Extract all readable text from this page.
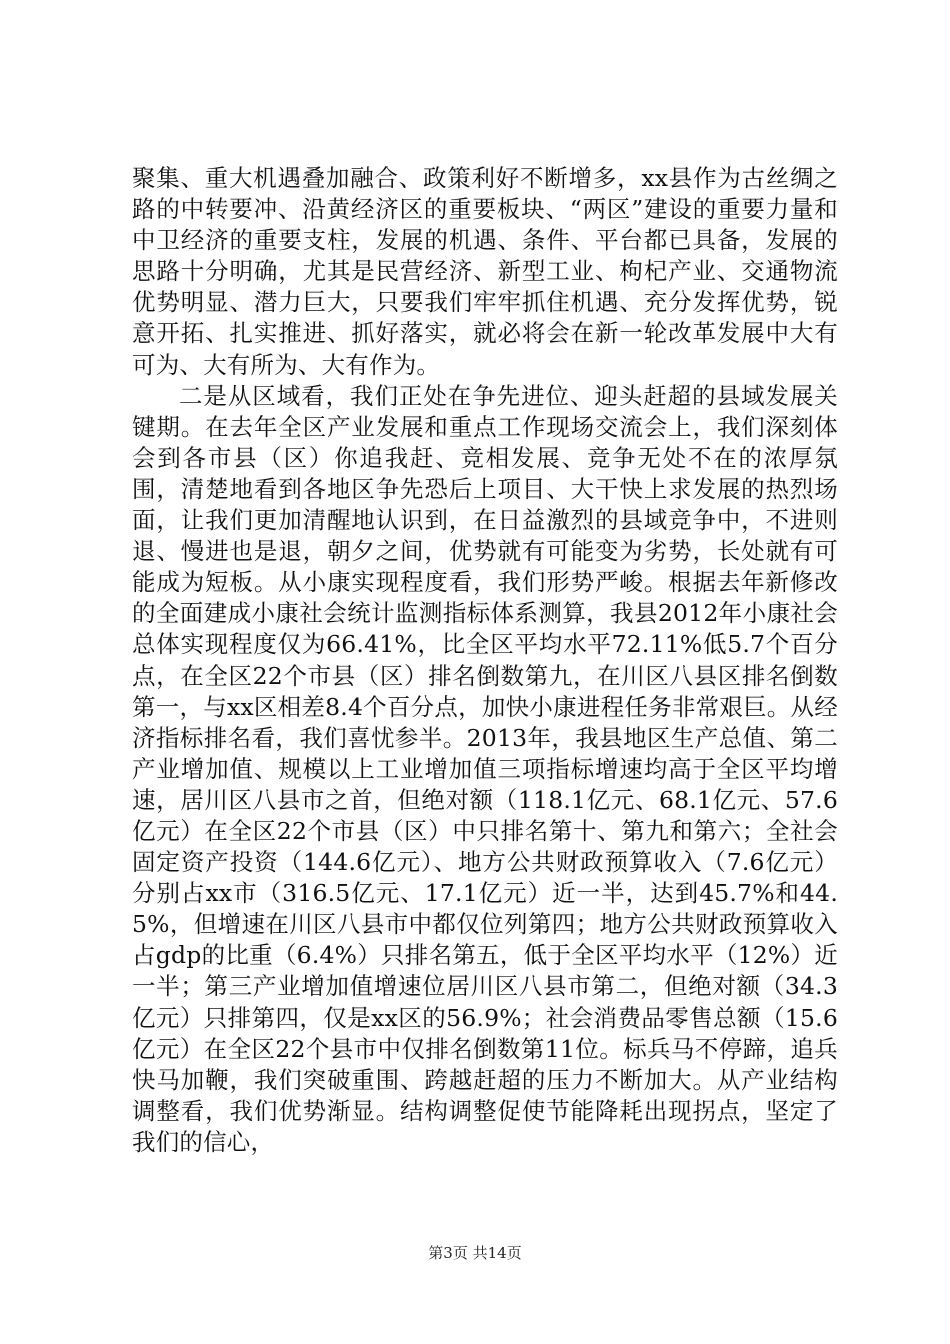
聚集、重大机遇叠加融合、政策利好不断增多，xx县作为古丝绸之路的中转要冲、沿黄经济区的重要板块、“两区”建设的重要力量和中卫经济的重要支柱，发展的机遇、条件、平台都已具备，发展的思路十分明确，尤其是民营经济、新型工业、枸杞产业、交通物流优势明显、潜力巨大，只要我们牢牢抓住机遇、充分发挥优势，锐意开拓、扎实推进、抓好落实，就必将会在新一轮改革发展中大有可为、大有所为、大有作为。

二是从区域看，我们正处在争先进位、迎头赶超的县域发展关键期。在去年全区产业发展和重点工作现场交流会上，我们深刻体会到各市县（区）你追我赶、竞相发展、竞争无处不在的浓厚氛围，清楚地看到各地区争先恐后上项目、大干快上求发展的热烈场面，让我们更加清醒地认识到，在日益激烈的县域竞争中，不进则退、慢进也是退，朝夕之间，优势就有可能变为劣势，长处就有可能成为短板。从小康实现程度看，我们形势严峻。根据去年新修改的全面建成小康社会统计监测指标体系测算，我县2012年小康社会总体实现程度仅为66.41%，比全区平均水平72.11%低5.7个百分点，在全区22个市县（区）排名倒数第九，在川区八县区排名倒数第一，与xx区相差8.4个百分点，加快小康进程任务非常艰巨。从经济指标排名看，我们喜忧参半。2013年，我县地区生产总值、第二产业增加值、规模以上工业增加值三项指标增速均高于全区平均增速，居川区八县市之首，但绝对额（118.1亿元、68.1亿元、57.6亿元）在全区22个市县（区）中只排名第十、第九和第六；全社会固定资产投资（144.6亿元）、地方公共财政预算收入（7.6亿元）分别占xx市（316.5亿元、17.1亿元）近一半，达到45.7%和44.5%，但增速在川区八县市中都仅位列第四；地方公共财政预算收入占gdp的比重（6.4%）只排名第五，低于全区平均水平（12%）近一半；第三产业增加值增速位居川区八县市第二，但绝对额（34.3亿元）只排第四，仅是xx区的56.9%；社会消费品零售总额（15.6亿元）在全区22个县市中仅排名倒数第11位。标兵马不停蹄，追兵快马加鞭，我们突破重围、跨越赶超的压力不断加大。从产业结构调整看，我们优势渐显。结构调整促使节能降耗出现拐点，坚定了我们的信心，

第3页 共14页
